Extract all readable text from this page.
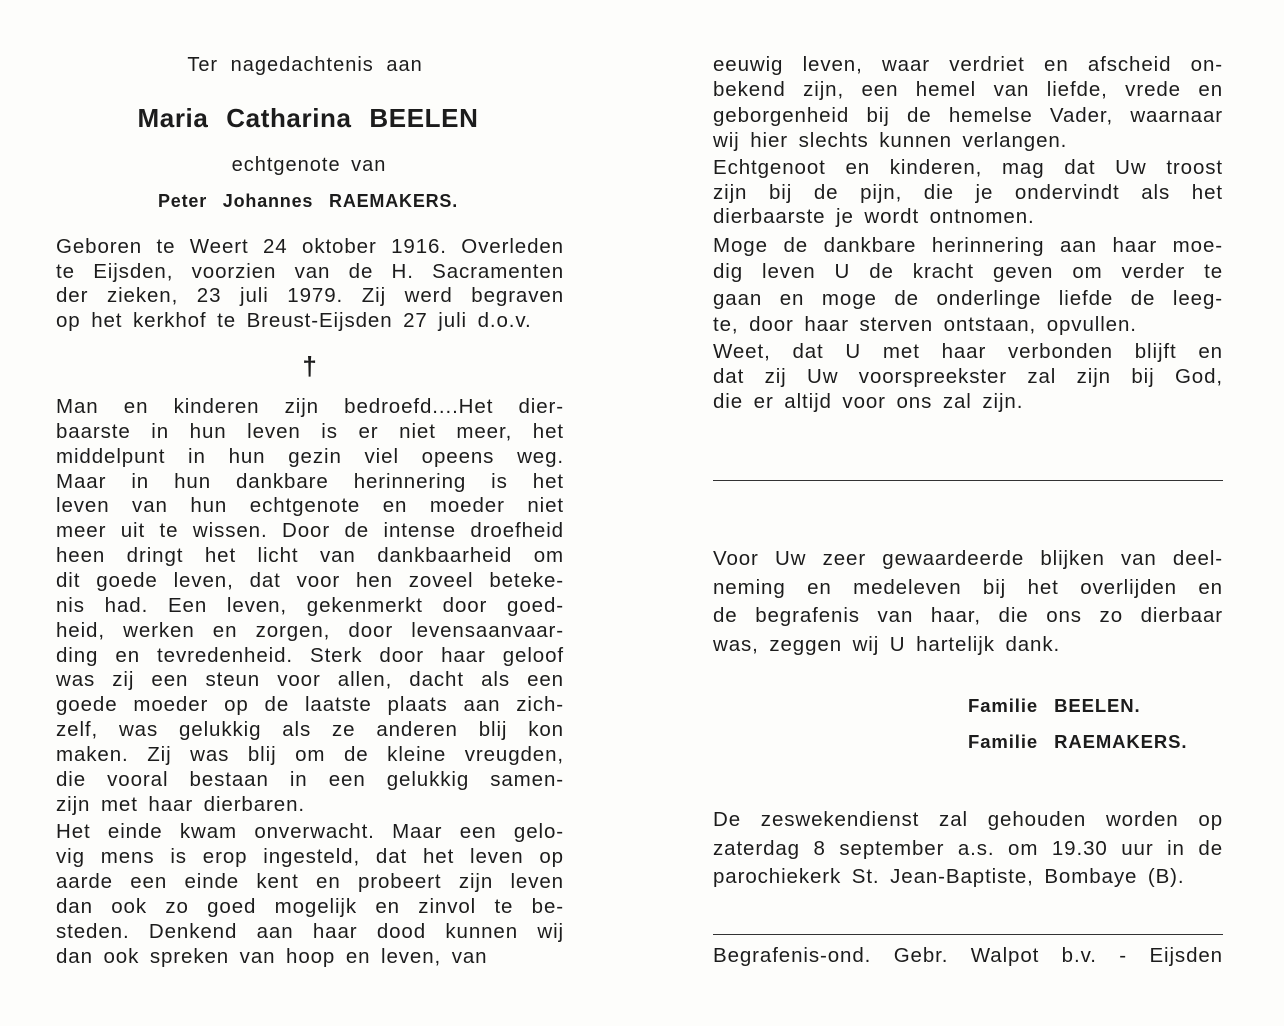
Ter nagedachtenis aan
Maria Catharina BEELEN
echtgenote van
Peter Johannes RAEMAKERS.
Geboren te Weert 24 oktober 1916. Overleden
te Eijsden, voorzien van de H. Sacramenten
der zieken, 23 juli 1979. Zij werd begraven
op het kerkhof te Breust-Eijsden 27 juli d.o.v.
†
Man en kinderen zijn bedroefd....Het dier-
baarste in hun leven is er niet meer, het
middelpunt in hun gezin viel opeens weg.
Maar in hun dankbare herinnering is het
leven van hun echtgenote en moeder niet
meer uit te wissen. Door de intense droefheid
heen dringt het licht van dankbaarheid om
dit goede leven, dat voor hen zoveel beteke-
nis had. Een leven, gekenmerkt door goed-
heid, werken en zorgen, door levensaanvaar-
ding en tevredenheid. Sterk door haar geloof
was zij een steun voor allen, dacht als een
goede moeder op de laatste plaats aan zich-
zelf, was gelukkig als ze anderen blij kon
maken. Zij was blij om de kleine vreugden,
die vooral bestaan in een gelukkig samen-
zijn met haar dierbaren.
Het einde kwam onverwacht. Maar een gelo-
vig mens is erop ingesteld, dat het leven op
aarde een einde kent en probeert zijn leven
dan ook zo goed mogelijk en zinvol te be-
steden. Denkend aan haar dood kunnen wij
dan ook spreken van hoop en leven, van
eeuwig leven, waar verdriet en afscheid on-
bekend zijn, een hemel van liefde, vrede en
geborgenheid bij de hemelse Vader, waarnaar
wij hier slechts kunnen verlangen.
Echtgenoot en kinderen, mag dat Uw troost
zijn bij de pijn, die je ondervindt als het
dierbaarste je wordt ontnomen.
Moge de dankbare herinnering aan haar moe-
dig leven U de kracht geven om verder te
gaan en moge de onderlinge liefde de leeg-
te, door haar sterven ontstaan, opvullen.
Weet, dat U met haar verbonden blijft en
dat zij Uw voorspreekster zal zijn bij God,
die er altijd voor ons zal zijn.
Voor Uw zeer gewaardeerde blijken van deel-
neming en medeleven bij het overlijden en
de begrafenis van haar, die ons zo dierbaar
was, zeggen wij U hartelijk dank.
Familie BEELEN.
Familie RAEMAKERS.
De zeswekendienst zal gehouden worden op
zaterdag 8 september a.s. om 19.30 uur in de
parochiekerk St. Jean-Baptiste, Bombaye (B).
Begrafenis-ond. Gebr. Walpot b.v. - Eijsden
